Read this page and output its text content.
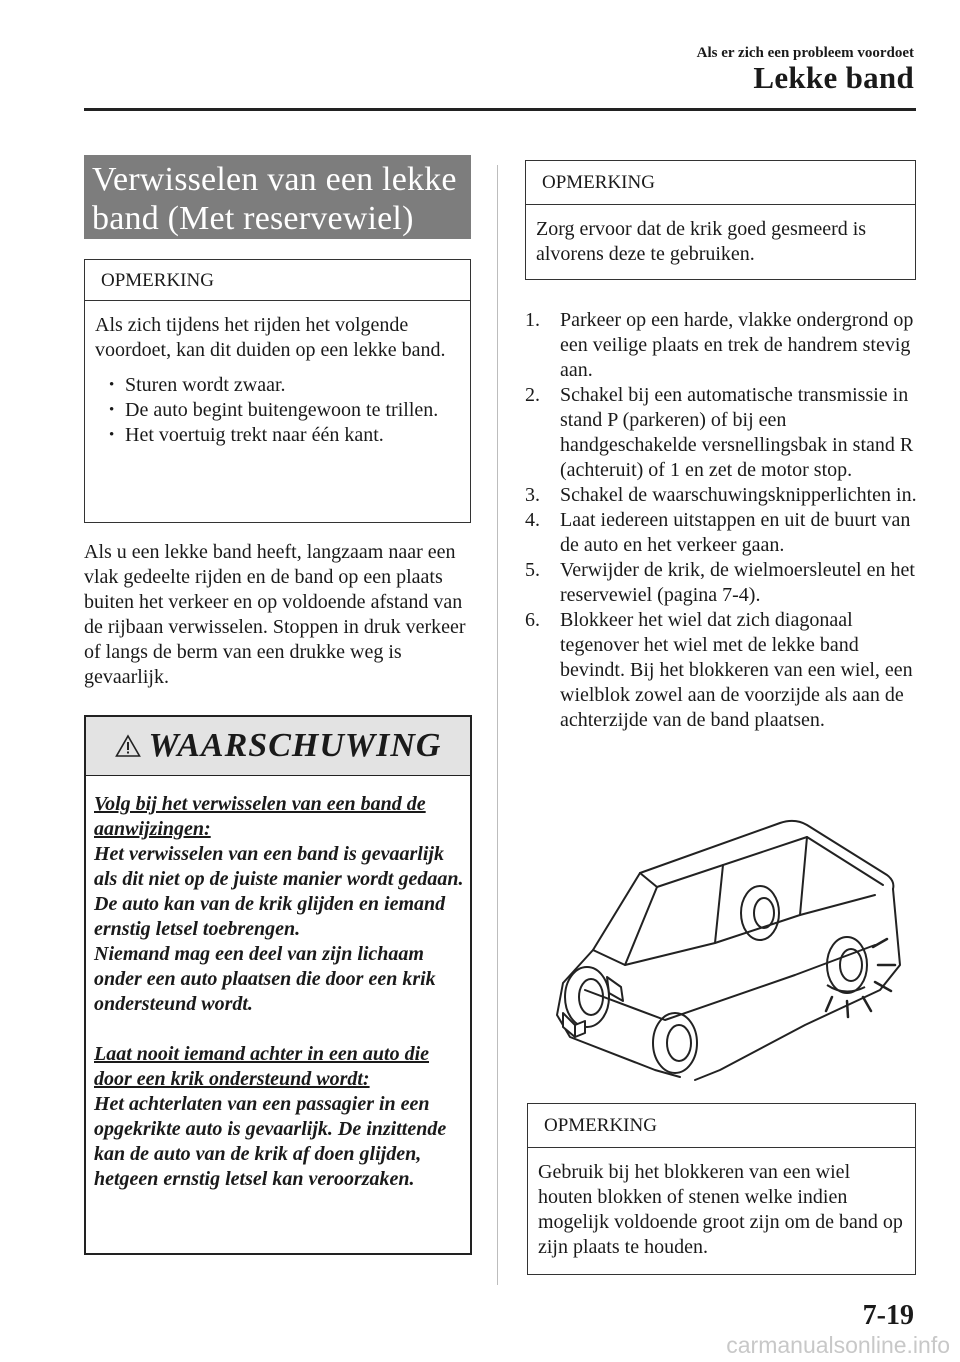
Als er zich een probleem voordoet
Lekke band
Verwisselen van een lekke
band (Met reservewiel)
OPMERKING
Als zich tijdens het rijden het volgende voordoet, kan dit duiden op een lekke band.
• Sturen wordt zwaar.
• De auto begint buitengewoon te trillen.
• Het voertuig trekt naar één kant.
Als u een lekke band heeft, langzaam naar een vlak gedeelte rijden en de band op een plaats buiten het verkeer en op voldoende afstand van de rijbaan verwisselen. Stoppen in druk verkeer of langs de berm van een drukke weg is gevaarlijk.
WAARSCHUWING
Volg bij het verwisselen van een band de aanwijzingen:
Het verwisselen van een band is gevaarlijk als dit niet op de juiste manier wordt gedaan. De auto kan van de krik glijden en iemand ernstig letsel toebrengen.
Niemand mag een deel van zijn lichaam onder een auto plaatsen die door een krik ondersteund wordt.
Laat nooit iemand achter in een auto die door een krik ondersteund wordt:
Het achterlaten van een passagier in een opgekrikte auto is gevaarlijk. De inzittende kan de auto van de krik af doen glijden, hetgeen ernstig letsel kan veroorzaken.
OPMERKING
Zorg ervoor dat de krik goed gesmeerd is alvorens deze te gebruiken.
1. Parkeer op een harde, vlakke ondergrond op een veilige plaats en trek de handrem stevig aan.
2. Schakel bij een automatische transmissie in stand P (parkeren) of bij een handgeschakelde versnellingsbak in stand R (achteruit) of 1 en zet de motor stop.
3. Schakel de waarschuwingsknipperlichten in.
4. Laat iedereen uitstappen en uit de buurt van de auto en het verkeer gaan.
5. Verwijder de krik, de wielmoersleutel en het reservewiel (pagina 7-4).
6. Blokkeer het wiel dat zich diagonaal tegenover het wiel met de lekke band bevindt. Bij het blokkeren van een wiel, een wielblok zowel aan de voorzijde als aan de achterzijde van de band plaatsen.
OPMERKING
Gebruik bij het blokkeren van een wiel houten blokken of stenen welke indien mogelijk voldoende groot zijn om de band op zijn plaats te houden.
7-19
carmanualsonline.info
